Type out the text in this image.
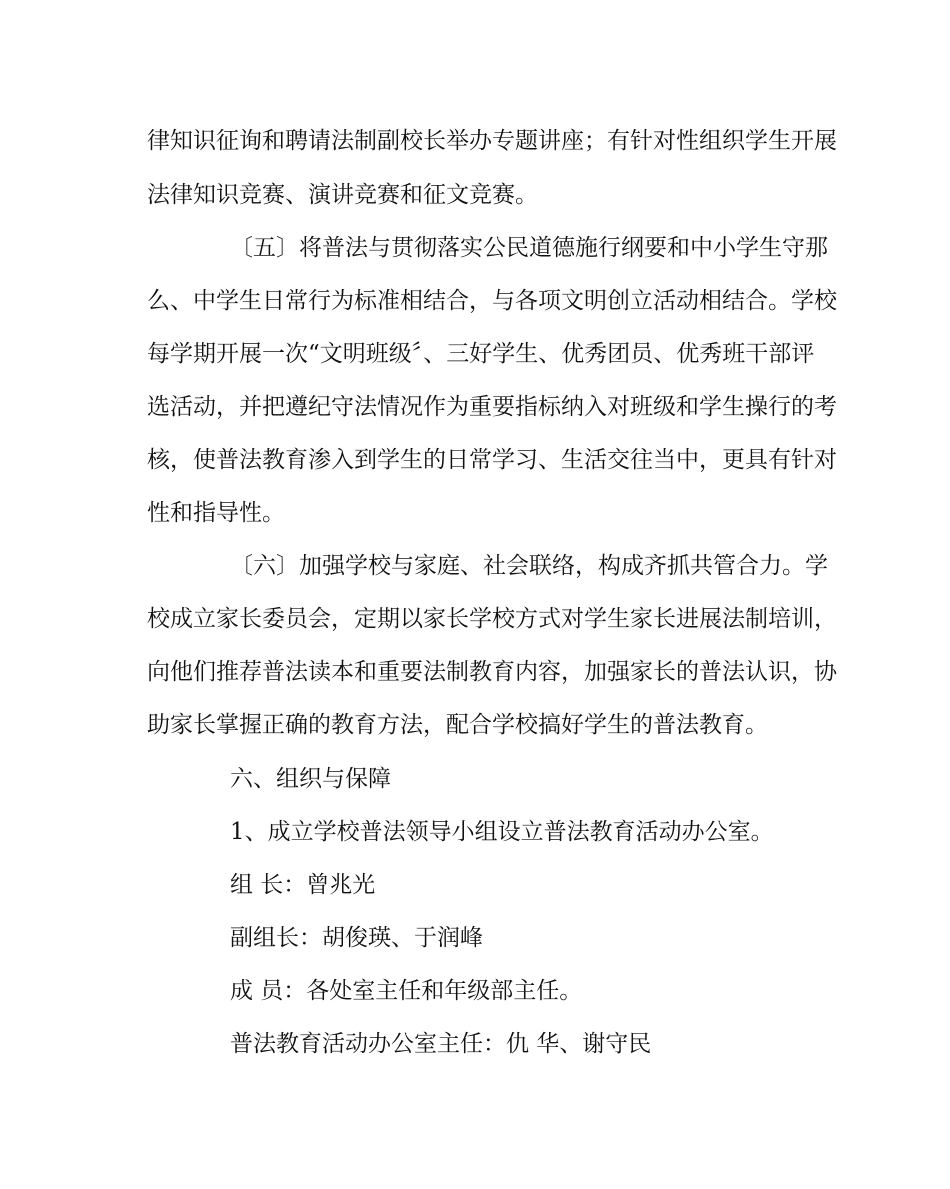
律知识征询和聘请法制副校长举办专题讲座；有针对性组织学生开展

法律知识竞赛、演讲竞赛和征文竞赛。

〔五〕将普法与贯彻落实公民道德施行纲要和中小学生守那

么、中学生日常行为标准相结合，与各项文明创立活动相结合。学校

每学期开展一次“文明班级〞、三好学生、优秀团员、优秀班干部评

选活动，并把遵纪守法情况作为重要指标纳入对班级和学生操行的考

核，使普法教育渗入到学生的日常学习、生活交往当中，更具有针对

性和指导性。

〔六〕加强学校与家庭、社会联络，构成齐抓共管合力。学

校成立家长委员会，定期以家长学校方式对学生家长进展法制培训，

向他们推荐普法读本和重要法制教育内容，加强家长的普法认识，协

助家长掌握正确的教育方法，配合学校搞好学生的普法教育。

六、组织与保障

1、成立学校普法领导小组设立普法教育活动办公室。

组 长：曾兆光

副组长：胡俊瑛、于润峰

成 员：各处室主任和年级部主任。

普法教育活动办公室主任：仇 华、谢守民
